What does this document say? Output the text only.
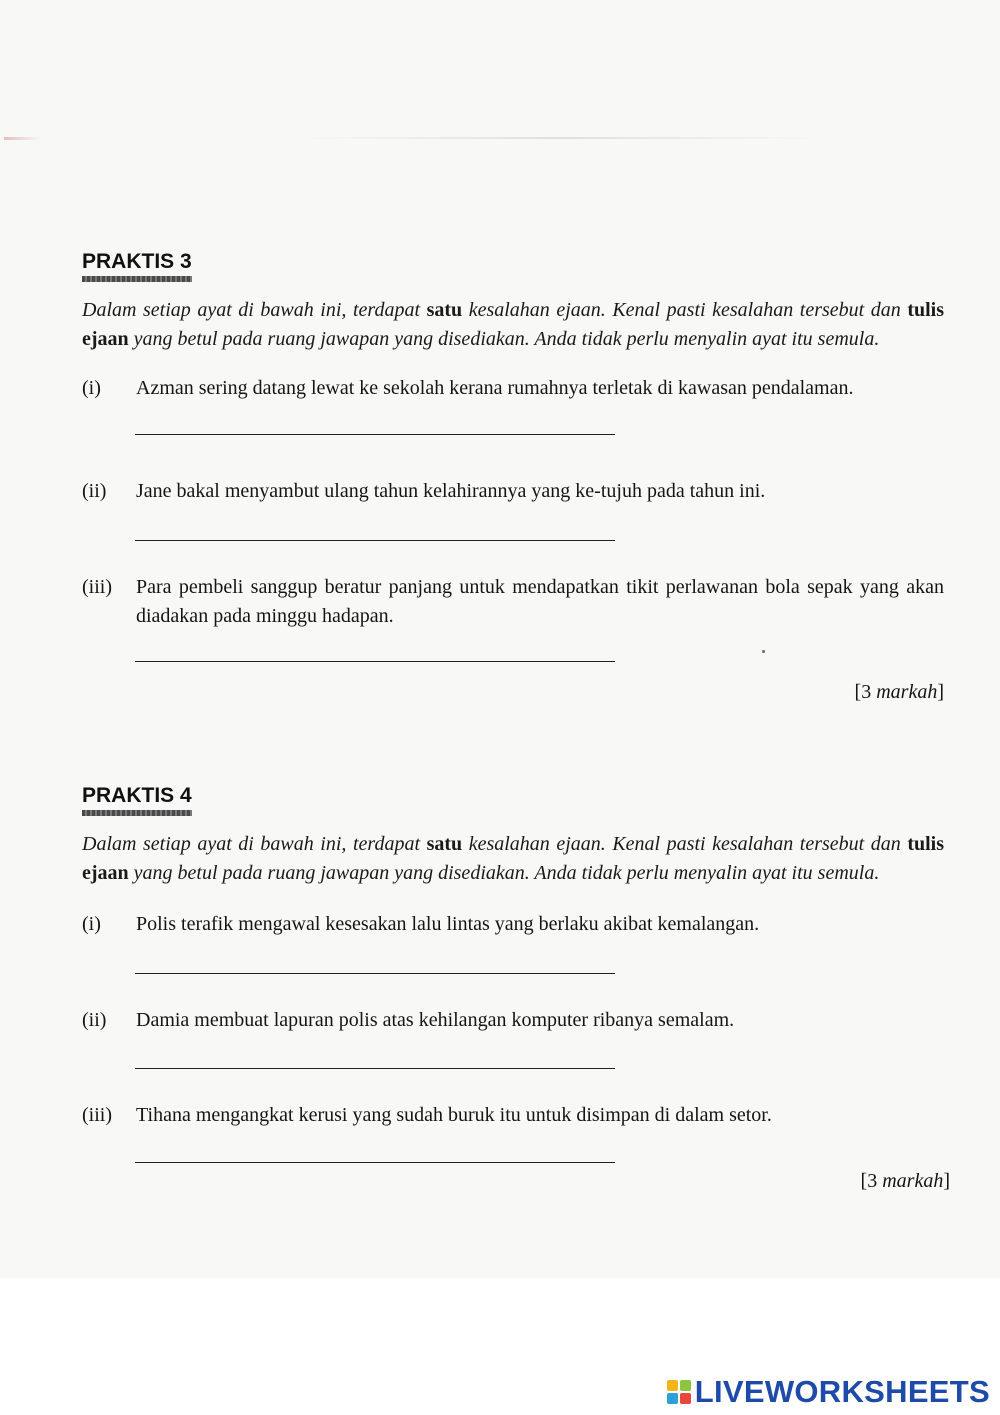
PRAKTIS 3
Dalam setiap ayat di bawah ini, terdapat satu kesalahan ejaan. Kenal pasti kesalahan tersebut dan tulis ejaan yang betul pada ruang jawapan yang disediakan. Anda tidak perlu menyalin ayat itu semula.
(i)	Azman sering datang lewat ke sekolah kerana rumahnya terletak di kawasan pendalaman.
(ii)	Jane bakal menyambut ulang tahun kelahirannya yang ke-tujuh pada tahun ini.
(iii)	Para pembeli sanggup beratur panjang untuk mendapatkan tikit perlawanan bola sepak yang akan diadakan pada minggu hadapan.
[3 markah]
PRAKTIS 4
Dalam setiap ayat di bawah ini, terdapat satu kesalahan ejaan. Kenal pasti kesalahan tersebut dan tulis ejaan yang betul pada ruang jawapan yang disediakan. Anda tidak perlu menyalin ayat itu semula.
(i)	Polis terafik mengawal kesesakan lalu lintas yang berlaku akibat kemalangan.
(ii)	Damia membuat lapuran polis atas kehilangan komputer ribanya semalam.
(iii)	Tihana mengangkat kerusi yang sudah buruk itu untuk disimpan di dalam setor.
[3 markah]
LIVEWORKSHEETS
